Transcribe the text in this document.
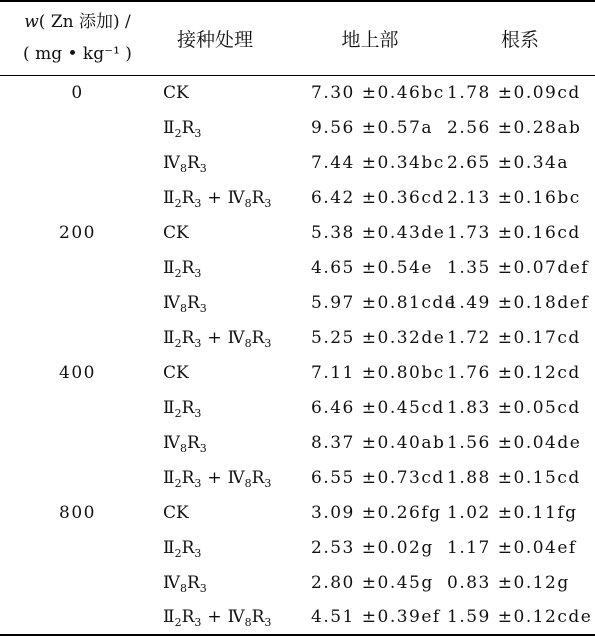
w( Zn 添加) /
( mg • kg⁻¹ )	接种处理	地上部	根系
0	CK	7.30 ±0.46bc	1.78 ±0.09cd
	$Ⅱ_2R_3$	9.56 ±0.57a	2.56 ±0.28ab
	$Ⅳ_8R_3$	7.44 ±0.34bc	2.65 ±0.34a
	$Ⅱ_2R_3$ + $Ⅳ_8R_3$	6.42 ±0.36cd	2.13 ±0.16bc
200	CK	5.38 ±0.43de	1.73 ±0.16cd
	$Ⅱ_2R_3$	4.65 ±0.54e	1.35 ±0.07def
	$Ⅳ_8R_3$	5.97 ±0.81cde	1.49 ±0.18def
	$Ⅱ_2R_3$ + $Ⅳ_8R_3$	5.25 ±0.32de	1.72 ±0.17cd
400	CK	7.11 ±0.80bc	1.76 ±0.12cd
	$Ⅱ_2R_3$	6.46 ±0.45cd	1.83 ±0.05cd
	$Ⅳ_8R_3$	8.37 ±0.40ab	1.56 ±0.04de
	$Ⅱ_2R_3$ + $Ⅳ_8R_3$	6.55 ±0.73cd	1.88 ±0.15cd
800	CK	3.09 ±0.26fg	1.02 ±0.11fg
	$Ⅱ_2R_3$	2.53 ±0.02g	1.17 ±0.04ef
	$Ⅳ_8R_3$	2.80 ±0.45g	0.83 ±0.12g
	$Ⅱ_2R_3$ + $Ⅳ_8R_3$	4.51 ±0.39ef	1.59 ±0.12cde
